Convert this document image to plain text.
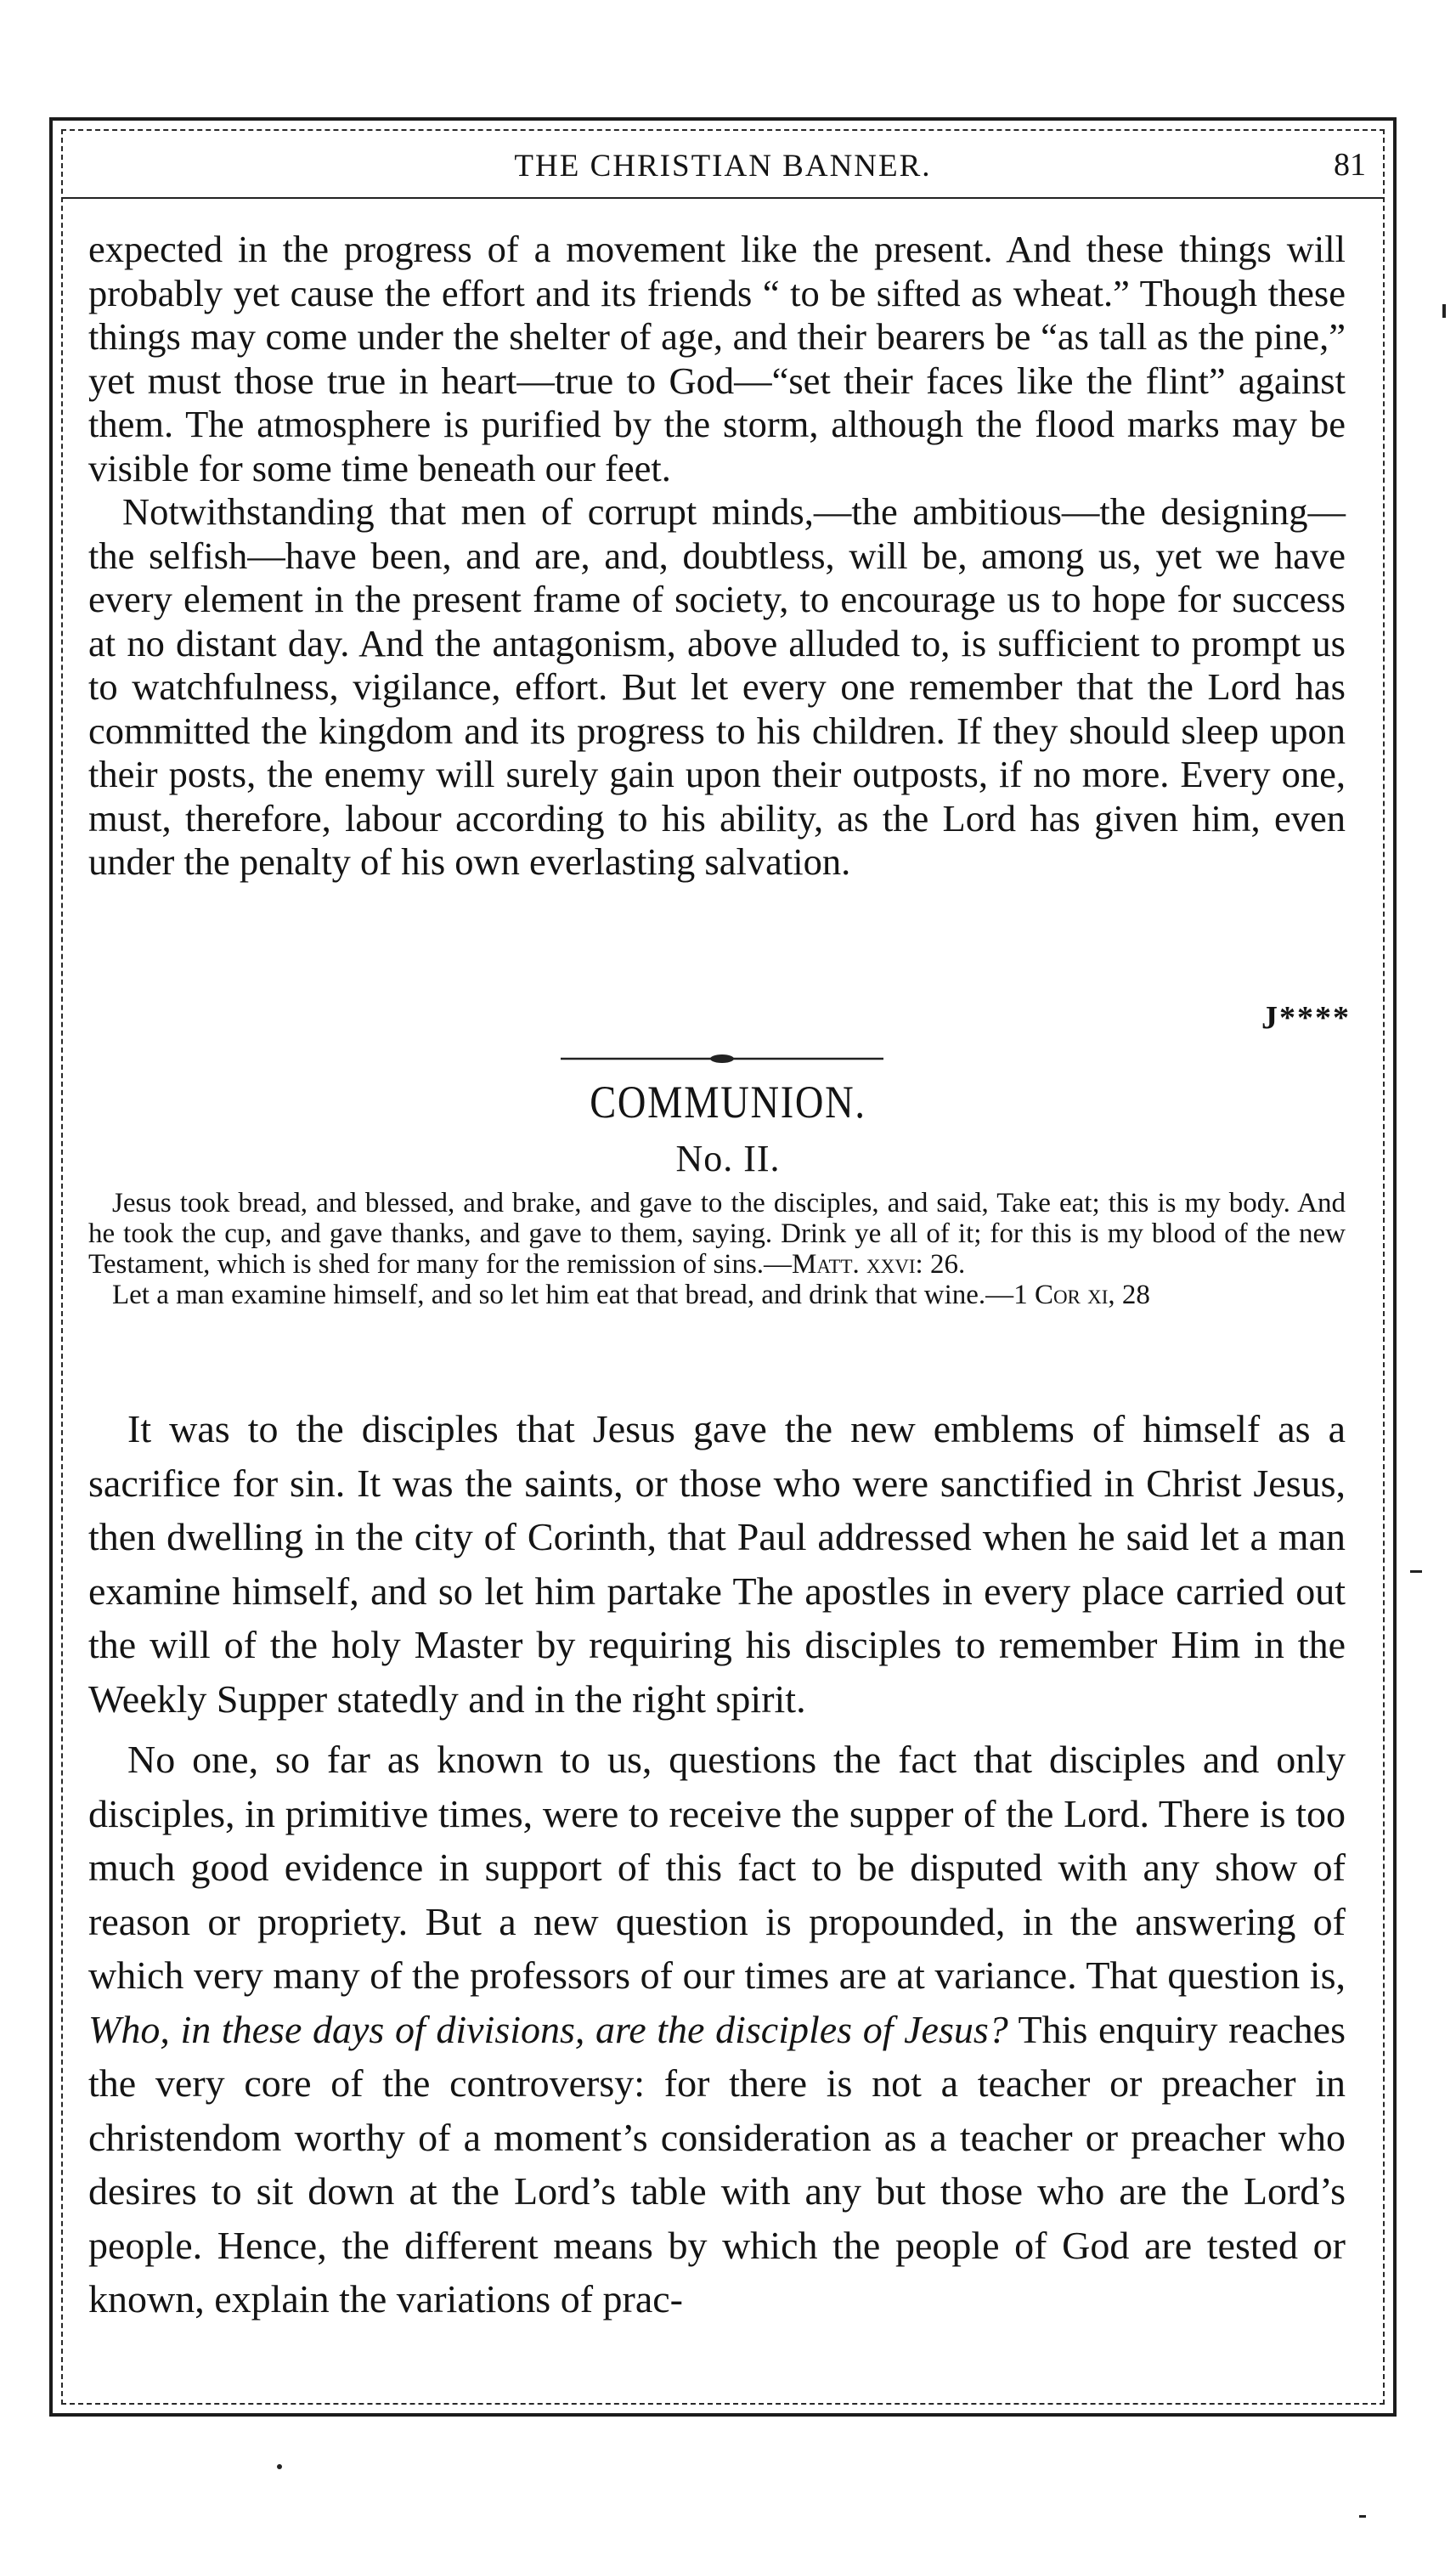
THE CHRISTIAN BANNER.	81

expected in the progress of a movement like the present. And these things will probably yet cause the effort and its friends “ to be sifted as wheat.” Though these things may come under the shelter of age, and their bearers be “as tall as the pine,” yet must those true in heart—true to God—“set their faces like the flint” against them. The atmosphere is purified by the storm, although the flood marks may be visible for some time beneath our feet.

Notwithstanding that men of corrupt minds,—the ambitious—the designing—the selfish—have been, and are, and, doubtless, will be, among us, yet we have every element in the present frame of society, to encourage us to hope for success at no distant day. And the antagonism, above alluded to, is sufficient to prompt us to watchfulness, vigilance, effort. But let every one remember that the Lord has committed the kingdom and its progress to his children. If they should sleep upon their posts, the enemy will surely gain upon their outposts, if no more. Every one, must, therefore, labour according to his ability, as the Lord has given him, even under the penalty of his own everlasting salvation.

J****
COMMUNION.
No. II.

Jesus took bread, and blessed, and brake, and gave to the disciples, and said, Take eat; this is my body. And he took the cup, and gave thanks, and gave to them, saying. Drink ye all of it; for this is my blood of the new Testament, which is shed for many for the remission of sins.—Matt. xxvi: 26.

Let a man examine himself, and so let him eat that bread, and drink that wine.—1 Cor xi, 28

It was to the disciples that Jesus gave the new emblems of himself as a sacrifice for sin. It was the saints, or those who were sanctified in Christ Jesus, then dwelling in the city of Corinth, that Paul addressed when he said let a man examine himself, and so let him partake The apostles in every place carried out the will of the holy Master by requiring his disciples to remember Him in the Weekly Supper statedly and in the right spirit.

No one, so far as known to us, questions the fact that disciples and only disciples, in primitive times, were to receive the supper of the Lord. There is too much good evidence in support of this fact to be disputed with any show of reason or propriety. But a new question is propounded, in the answering of which very many of the professors of our times are at variance. That question is, Who, in these days of divisions, are the disciples of Jesus? This enquiry reaches the very core of the controversy: for there is not a teacher or preacher in christendom worthy of a moment’s consideration as a teacher or preacher who desires to sit down at the Lord’s table with any but those who are the Lord’s people. Hence, the different means by which the people of God are tested or known, explain the variations of prac-
